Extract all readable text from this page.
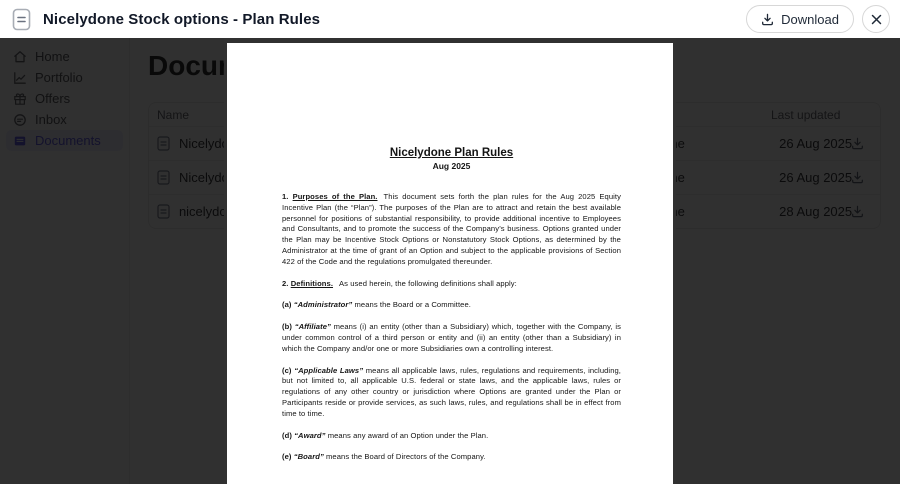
Nicelydone Stock options - Plan Rules	Download
Nicelydone Plan Rules
Aug 2025

1. Purposes of the Plan. This document sets forth the plan rules for the Aug 2025 Equity Incentive Plan (the “Plan”). The purposes of the Plan are to attract and retain the best available personnel for positions of substantial responsibility, to provide additional incentive to Employees and Consultants, and to promote the success of the Company’s business. Options granted under the Plan may be Incentive Stock Options or Nonstatutory Stock Options, as determined by the Administrator at the time of grant of an Option and subject to the applicable provisions of Section 422 of the Code and the regulations promulgated thereunder.

2. Definitions. As used herein, the following definitions shall apply:

(a) “Administrator” means the Board or a Committee.

(b) “Affiliate” means (i) an entity (other than a Subsidiary) which, together with the Company, is under common control of a third person or entity and (ii) an entity (other than a Subsidiary) in which the Company and/or one or more Subsidiaries own a controlling interest.

(c) “Applicable Laws” means all applicable laws, rules, regulations and requirements, including, but not limited to, all applicable U.S. federal or state laws, and the applicable laws, rules or regulations of any other country or jurisdiction where Options are granted under the Plan or Participants reside or provide services, as such laws, rules, and regulations shall be in effect from time to time.

(d) “Award” means any award of an Option under the Plan.

(e) “Board” means the Board of Directors of the Company.
